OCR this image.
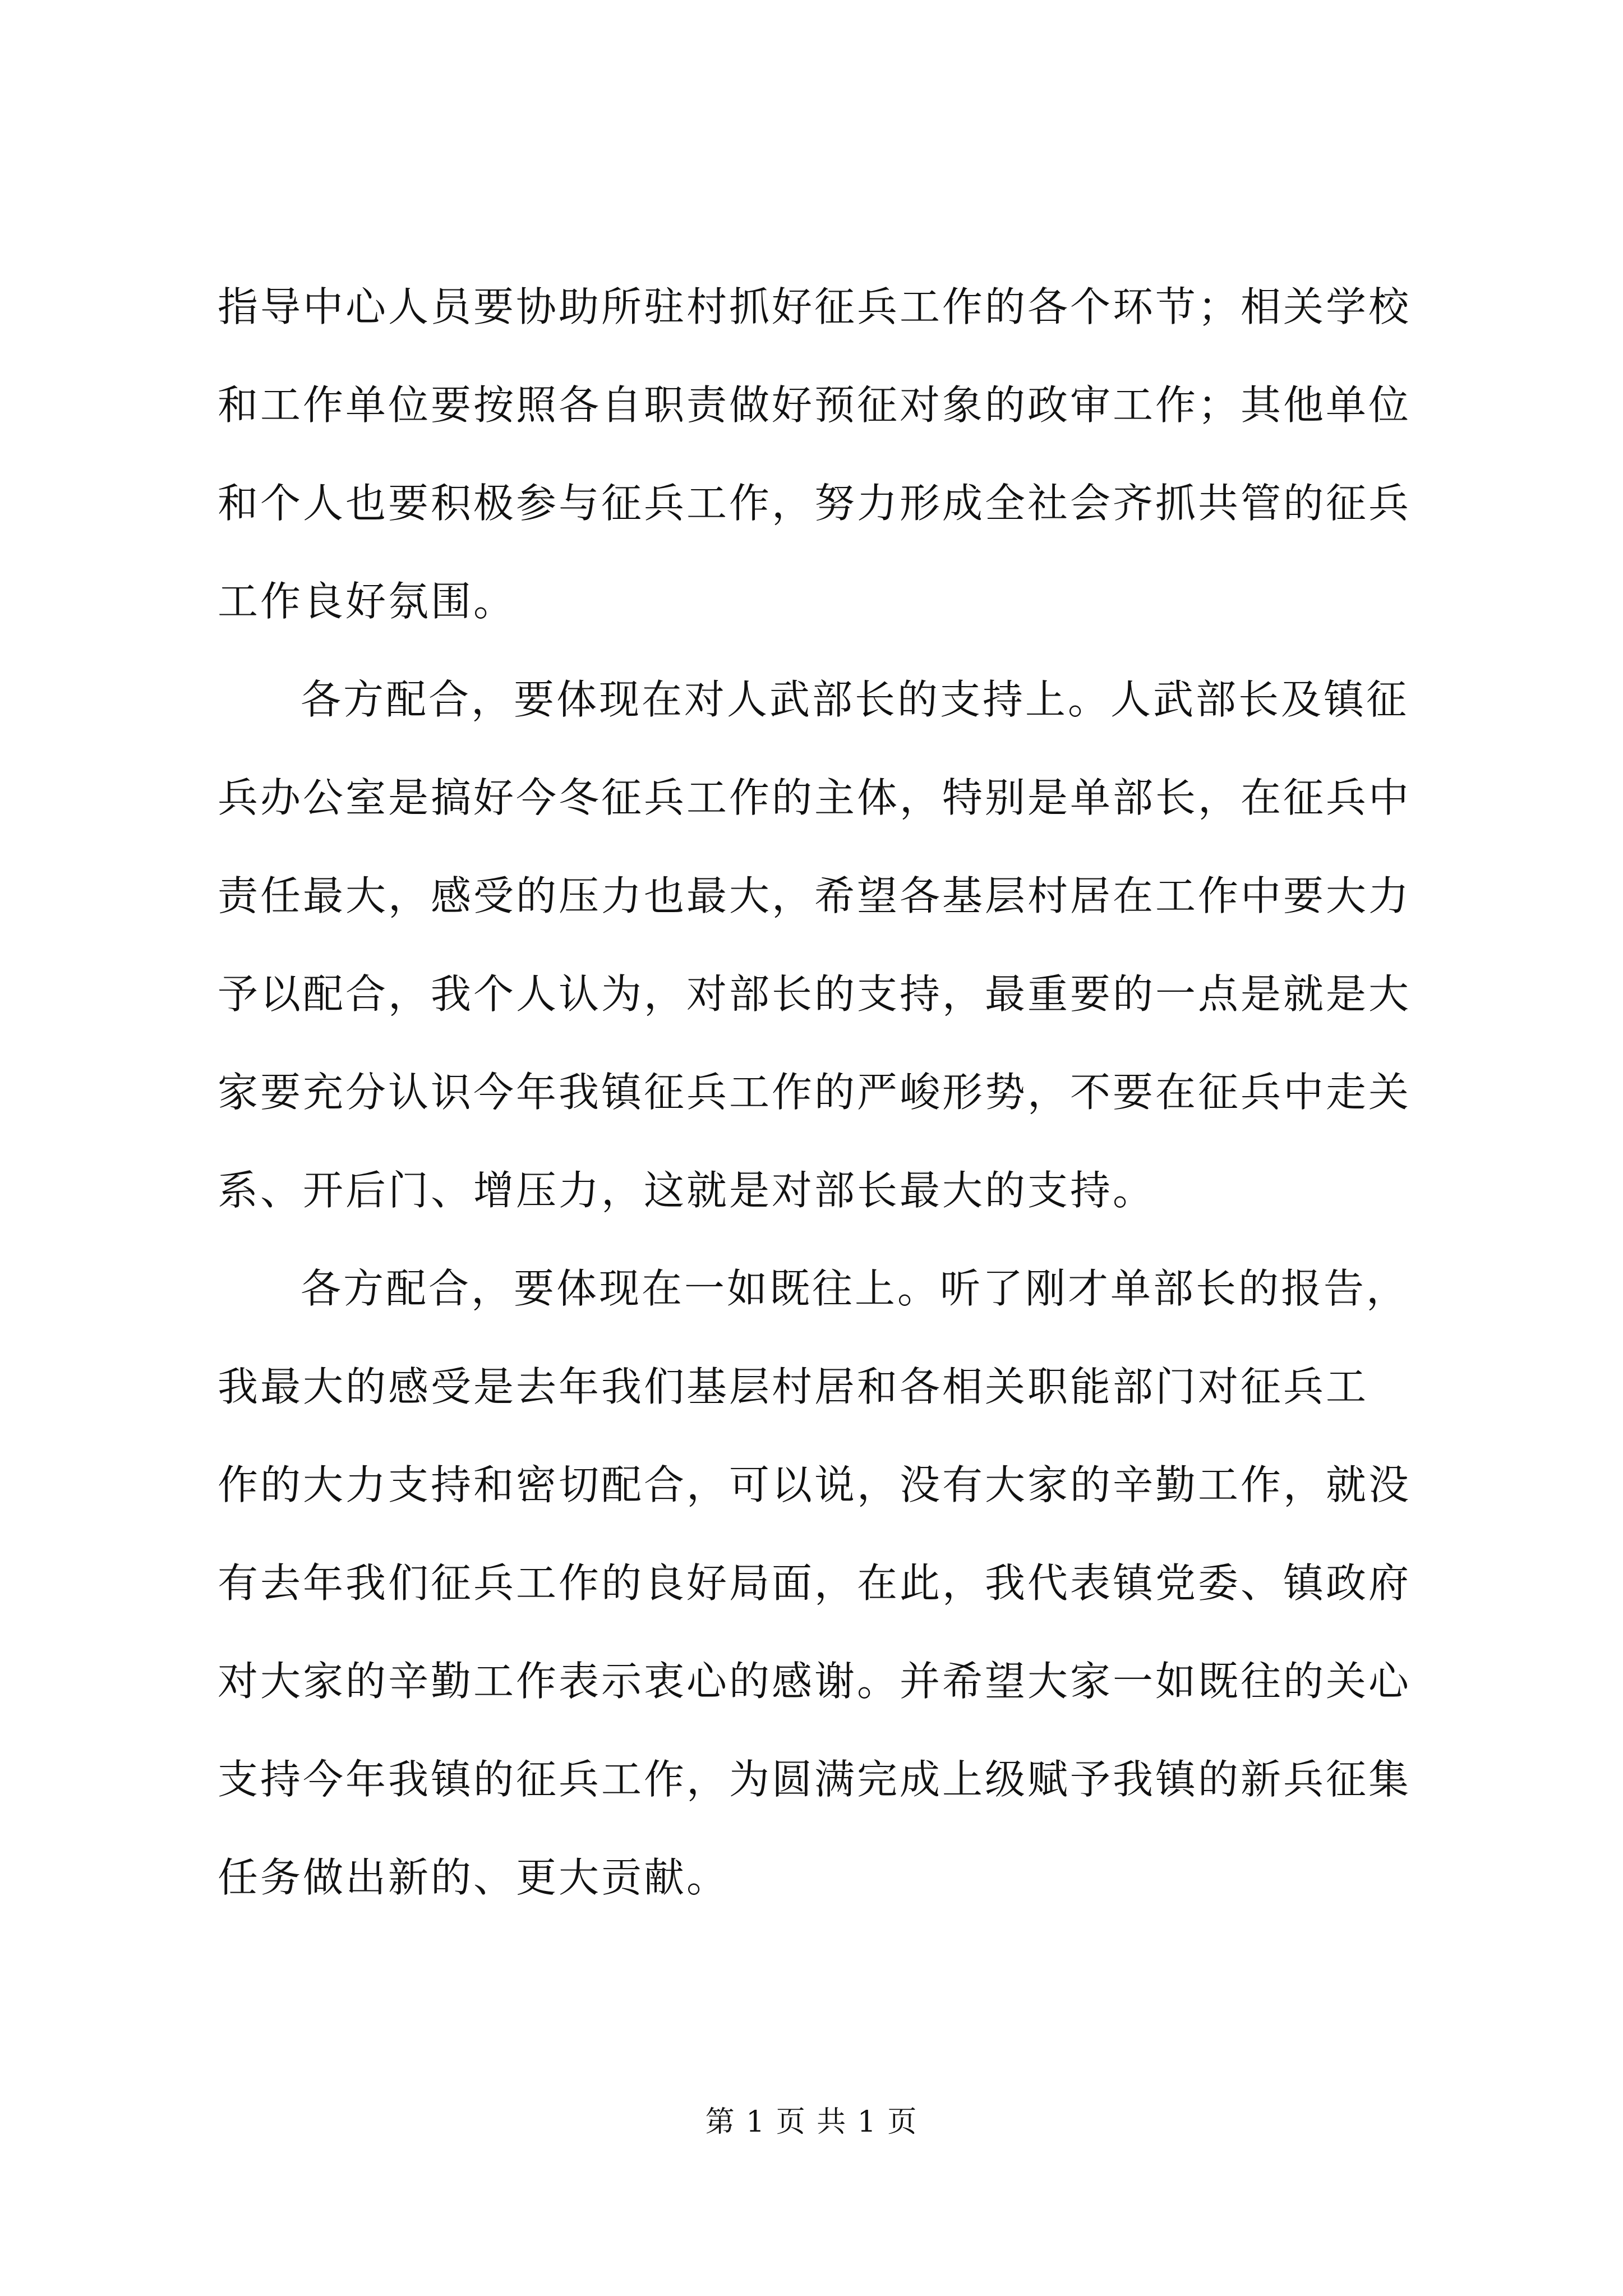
指导中心人员要协助所驻村抓好征兵工作的各个环节；相关学校
和工作单位要按照各自职责做好预征对象的政审工作；其他单位
和个人也要积极参与征兵工作，努力形成全社会齐抓共管的征兵
工作良好氛围。
各方配合，要体现在对人武部长的支持上。人武部长及镇征
兵办公室是搞好今冬征兵工作的主体，特别是单部长，在征兵中
责任最大，感受的压力也最大，希望各基层村居在工作中要大力
予以配合，我个人认为，对部长的支持，最重要的一点是就是大
家要充分认识今年我镇征兵工作的严峻形势，不要在征兵中走关
系、开后门、增压力，这就是对部长最大的支持。
各方配合，要体现在一如既往上。听了刚才单部长的报告，
我最大的感受是去年我们基层村居和各相关职能部门对征兵工
作的大力支持和密切配合，可以说，没有大家的辛勤工作，就没
有去年我们征兵工作的良好局面，在此，我代表镇党委、镇政府
对大家的辛勤工作表示衷心的感谢。并希望大家一如既往的关心
支持今年我镇的征兵工作，为圆满完成上级赋予我镇的新兵征集
任务做出新的、更大贡献。
第 1 页 共 1 页
